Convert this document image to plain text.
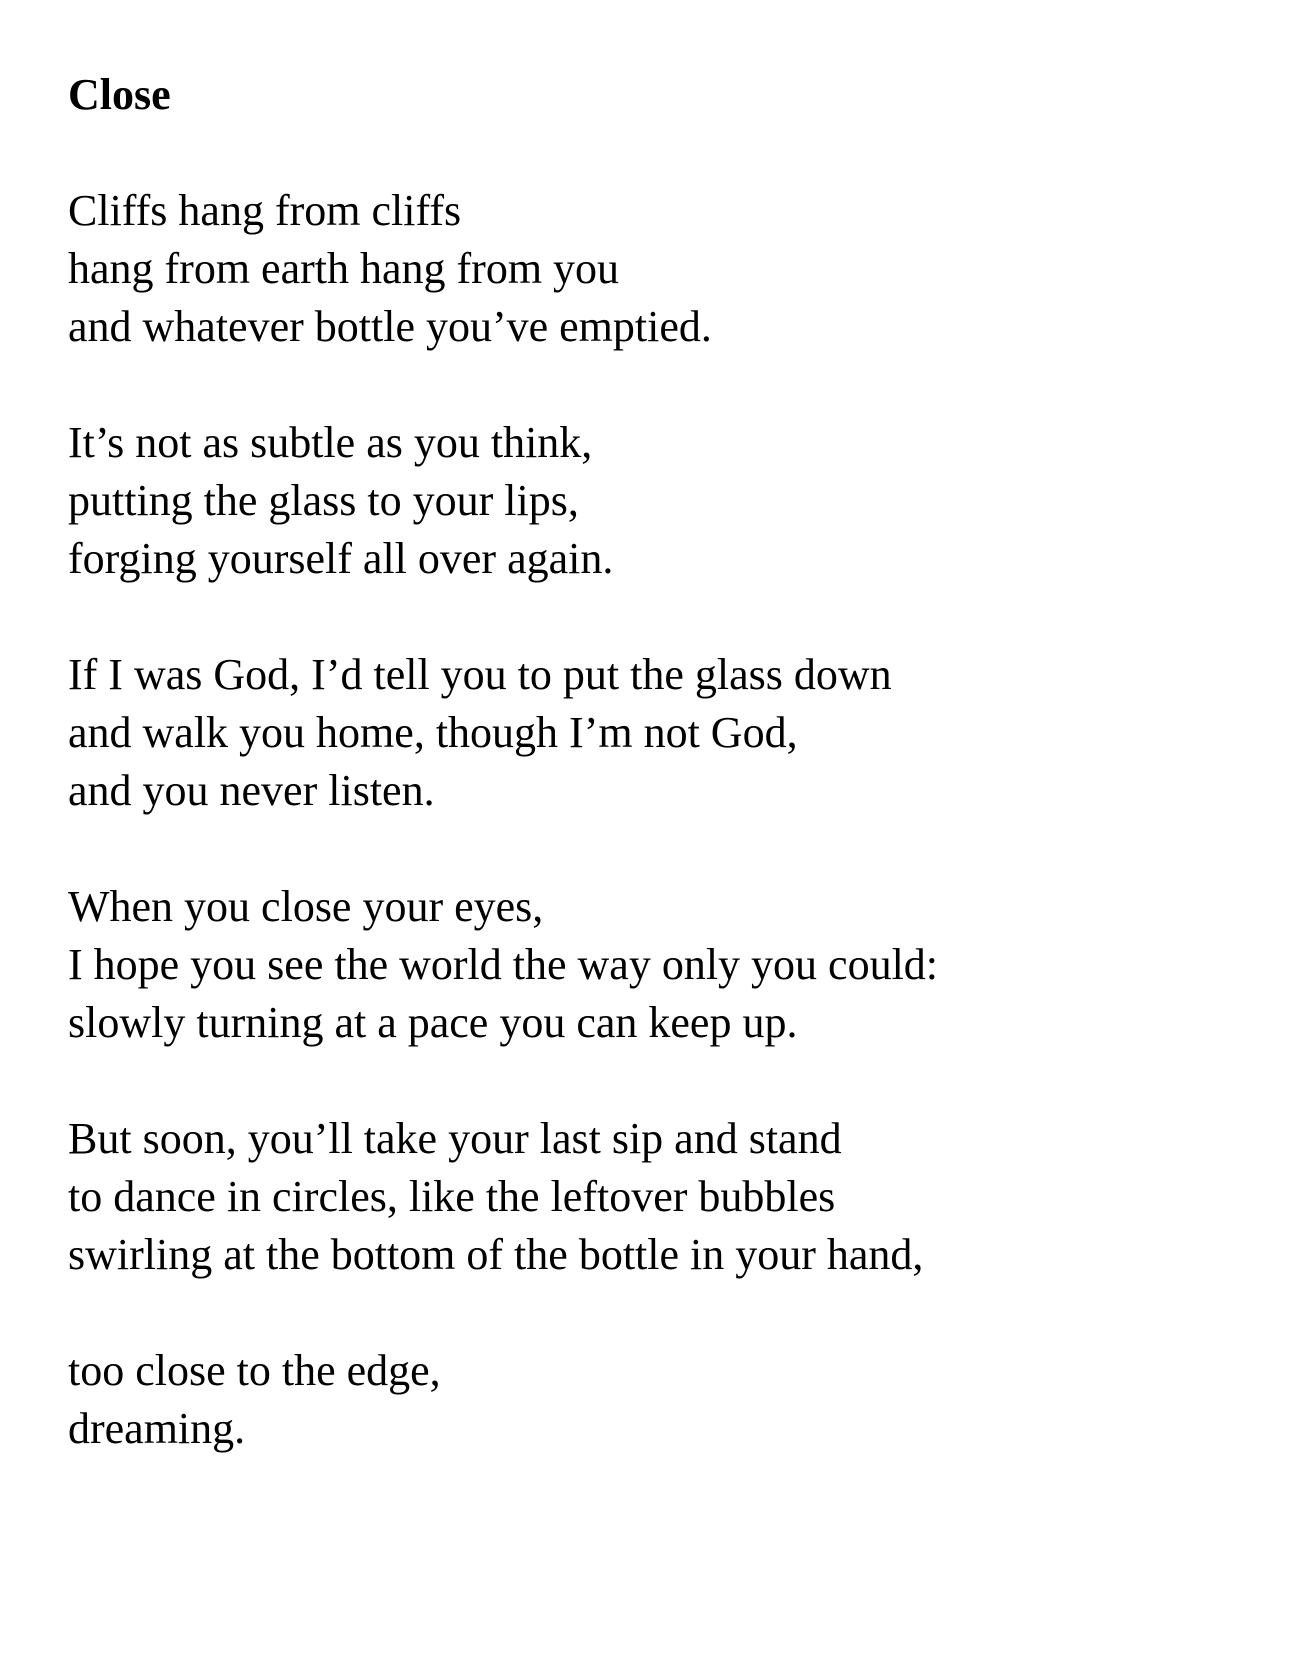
Close
Cliffs hang from cliffs
hang from earth hang from you
and whatever bottle you’ve emptied.
It’s not as subtle as you think,
putting the glass to your lips,
forging yourself all over again.
If I was God, I’d tell you to put the glass down
and walk you home, though I’m not God,
and you never listen.
When you close your eyes,
I hope you see the world the way only you could:
slowly turning at a pace you can keep up.
But soon, you’ll take your last sip and stand
to dance in circles, like the leftover bubbles
swirling at the bottom of the bottle in your hand,
too close to the edge,
dreaming.
